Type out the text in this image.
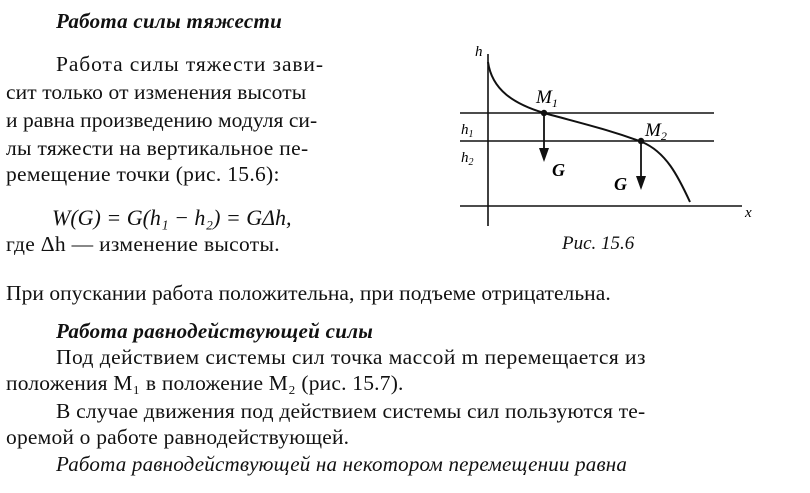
Работа силы тяжести
Работа силы тяжести зави-
сит только от изменения высоты
и равна произведению модуля си-
лы тяжести на вертикальное пе-
ремещение точки (рис. 15.6):
W(G) = G(h₁ − h₂) = GΔh,
где Δh — изменение высоты.
h
x
$h_1$
$h_2$
$M_1$
$M_2$
G
G
Рис. 15.6
При опускании работа положительна, при подъеме отрицательна.
Работа равнодействующей силы
Под действием системы сил точка массой m перемещается из
положения M₁ в положение M₂ (рис. 15.7).
В случае движения под действием системы сил пользуются те-
оремой о работе равнодействующей.
Работа равнодействующей на некотором перемещении равна
